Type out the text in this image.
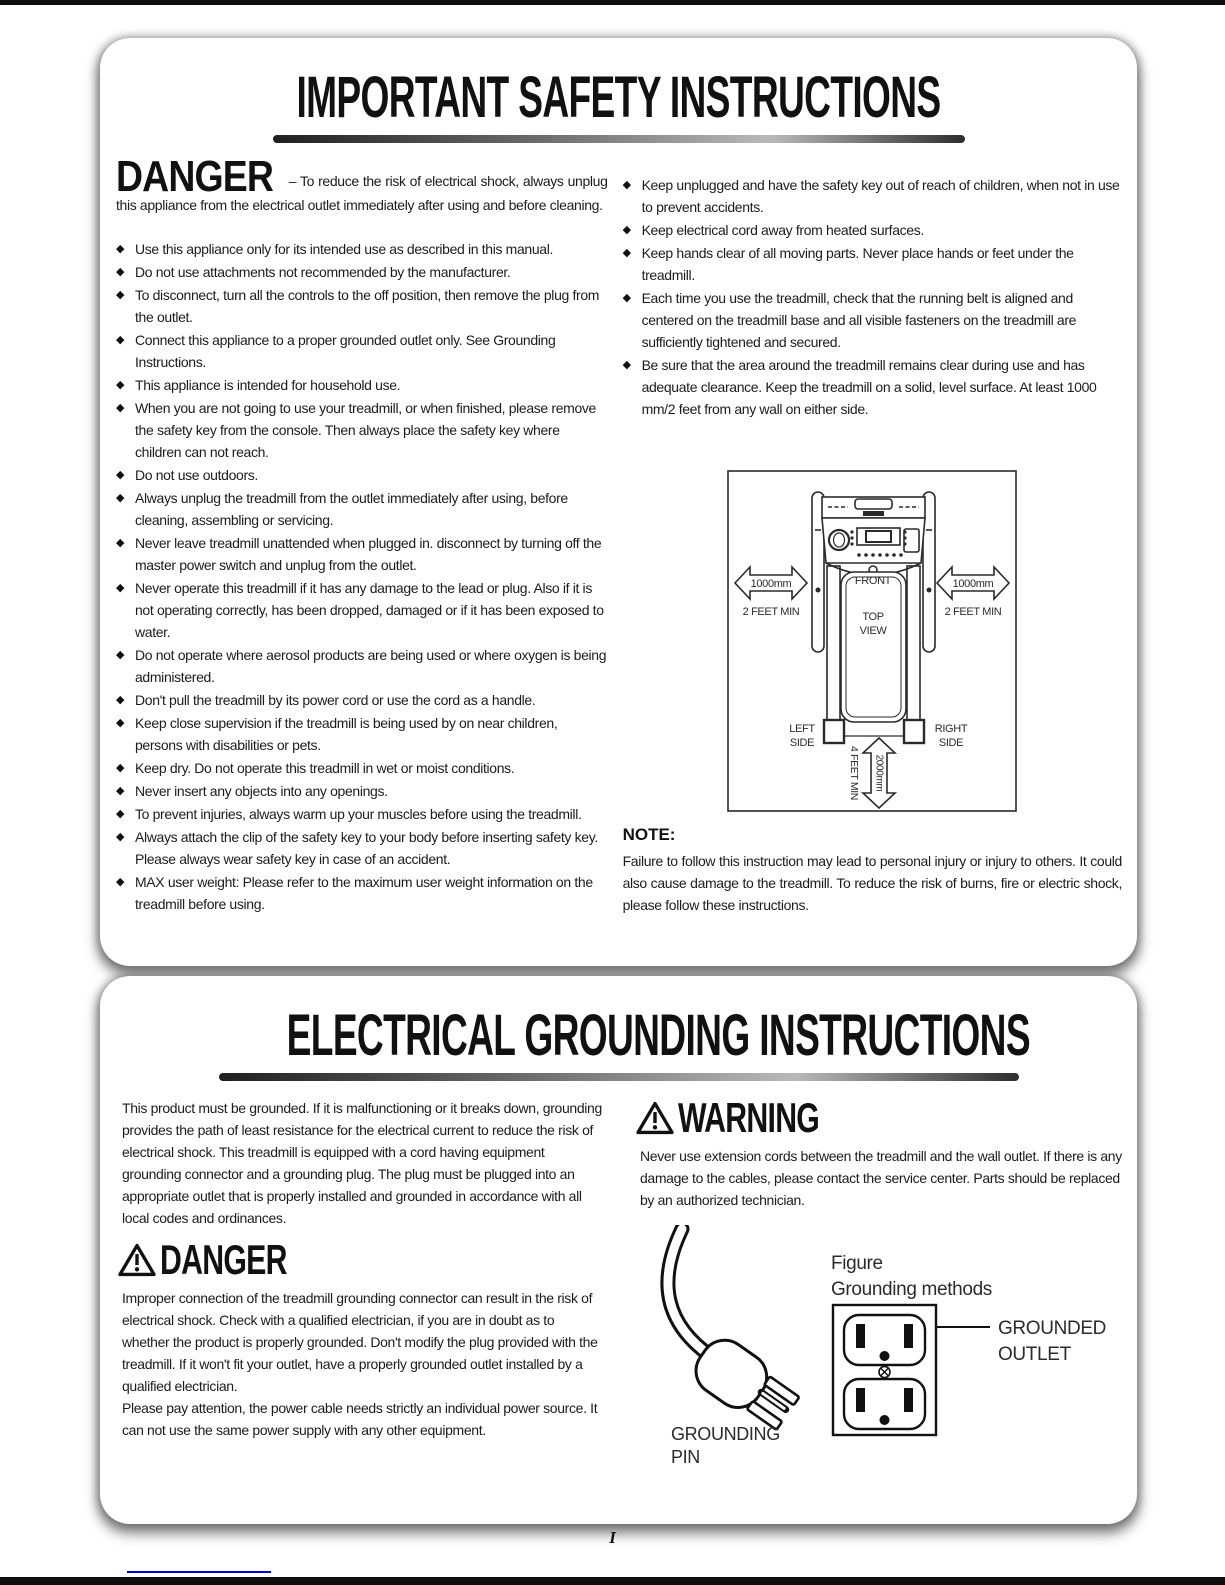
IMPORTANT SAFETY INSTRUCTIONS

DANGER – To reduce the risk of electrical shock, always unplug this appliance from the electrical outlet immediately after using and before cleaning.

◆ Use this appliance only for its intended use as described in this manual.
◆ Do not use attachments not recommended by the manufacturer.
◆ To disconnect, turn all the controls to the off position, then remove the plug from the outlet.
◆ Connect this appliance to a proper grounded outlet only. See Grounding Instructions.
◆ This appliance is intended for household use.
◆ When you are not going to use your treadmill, or when finished, please remove the safety key from the console. Then always place the safety key where children can not reach.
◆ Do not use outdoors.
◆ Always unplug the treadmill from the outlet immediately after using, before cleaning, assembling or servicing.
◆ Never leave treadmill unattended when plugged in. disconnect by turning off the master power switch and unplug from the outlet.
◆ Never operate this treadmill if it has any damage to the lead or plug. Also if it is not operating correctly, has been dropped, damaged or if it has been exposed to water.
◆ Do not operate where aerosol products are being used or where oxygen is being administered.
◆ Don't pull the treadmill by its power cord or use the cord as a handle.
◆ Keep close supervision if the treadmill is being used by on near children, persons with disabilities or pets.
◆ Keep dry. Do not operate this treadmill in wet or moist conditions.
◆ Never insert any objects into any openings.
◆ To prevent injuries, always warm up your muscles before using the treadmill.
◆ Always attach the clip of the safety key to your body before inserting safety key. Please always wear safety key in case of an accident.
◆ MAX user weight: Please refer to the maximum user weight information on the treadmill before using.
◆ Keep unplugged and have the safety key out of reach of children, when not in use to prevent accidents.
◆ Keep electrical cord away from heated surfaces.
◆ Keep hands clear of all moving parts. Never place hands or feet under the treadmill.
◆ Each time you use the treadmill, check that the running belt is aligned and centered on the treadmill base and all visible fasteners on the treadmill are sufficiently tightened and secured.
◆ Be sure that the area around the treadmill remains clear during use and has adequate clearance. Keep the treadmill on a solid, level surface. At least 1000 mm/2 feet from any wall on either side.
1000mm
2 FEET MIN
1000mm
2 FEET MIN
FRONT
TOP
VIEW
LEFT
SIDE
RIGHT
SIDE
2000mm
4 FEET MIN
NOTE:

Failure to follow this instruction may lead to personal injury or injury to others. It could also cause damage to the treadmill. To reduce the risk of burns, fire or electric shock, please follow these instructions.

ELECTRICAL GROUNDING INSTRUCTIONS

This product must be grounded. If it is malfunctioning or it breaks down, grounding provides the path of least resistance for the electrical current to reduce the risk of electrical shock. This treadmill is equipped with a cord having equipment grounding connector and a grounding plug. The plug must be plugged into an appropriate outlet that is properly installed and grounded in accordance with all local codes and ordinances.

DANGER

Improper connection of the treadmill grounding connector can result in the risk of electrical shock. Check with a qualified electrician, if you are in doubt as to whether the product is properly grounded. Don't modify the plug provided with the treadmill. If it won't fit your outlet, have a properly grounded outlet installed by a qualified electrician.

Please pay attention, the power cable needs strictly an individual power source. It can not use the same power supply with any other equipment.

WARNING

Never use extension cords between the treadmill and the wall outlet. If there is any damage to the cables, please contact the service center. Parts should be replaced by an authorized technician.

GROUNDING
PIN
Figure
Grounding methods
GROUNDED
OUTLET
I
